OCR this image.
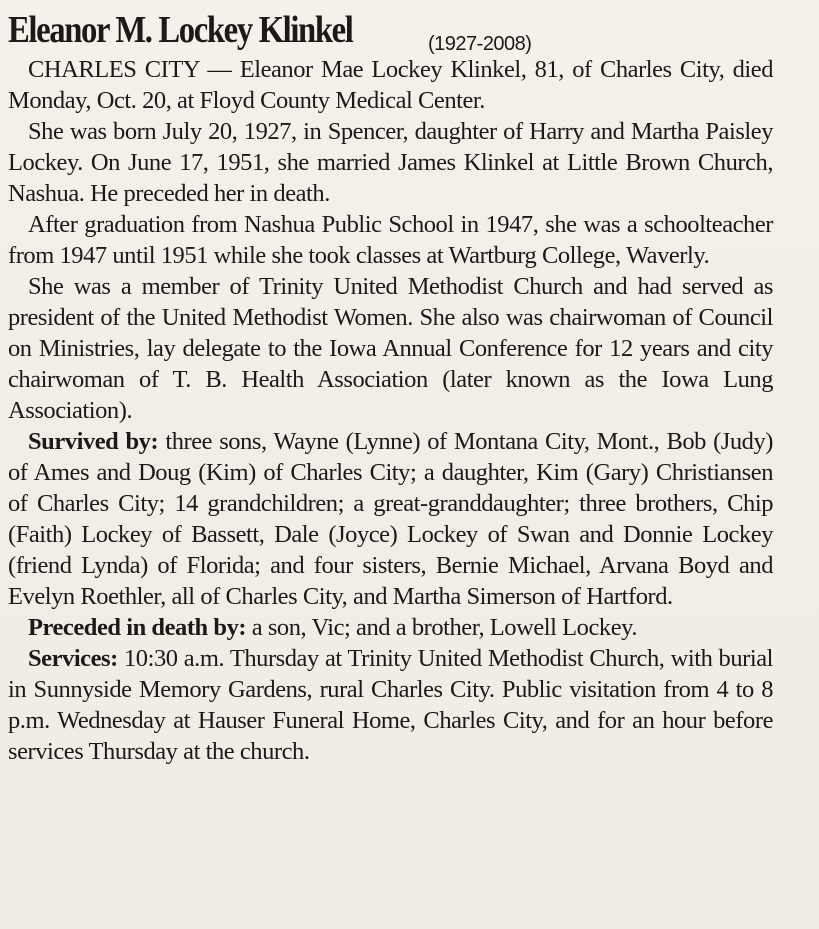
Eleanor M. Lockey Klinkel	(1927-2008)

CHARLES CITY — Eleanor Mae Lockey Klinkel, 81, of Charles City, died Monday, Oct. 20, at Floyd County Medical Center.

She was born July 20, 1927, in Spencer, daughter of Harry and Martha Paisley Lockey. On June 17, 1951, she married James Klinkel at Little Brown Church, Nashua. He preceded her in death.

After graduation from Nashua Public School in 1947, she was a schoolteacher from 1947 until 1951 while she took classes at Wartburg College, Waverly.

She was a member of Trinity United Methodist Church and had served as president of the United Methodist Women. She also was chairwoman of Council on Ministries, lay delegate to the Iowa Annual Conference for 12 years and city chairwoman of T. B. Health Association (later known as the Iowa Lung Association).

Survived by: three sons, Wayne (Lynne) of Montana City, Mont., Bob (Judy) of Ames and Doug (Kim) of Charles City; a daughter, Kim (Gary) Christiansen of Charles City; 14 grandchildren; a great-granddaughter; three brothers, Chip (Faith) Lockey of Bassett, Dale (Joyce) Lockey of Swan and Donnie Lockey (friend Lynda) of Florida; and four sisters, Bernie Michael, Arvana Boyd and Evelyn Roethler, all of Charles City, and Martha Simerson of Hartford.

Preceded in death by: a son, Vic; and a brother, Lowell Lockey.

Services: 10:30 a.m. Thursday at Trinity United Methodist Church, with burial in Sunnyside Memory Gardens, rural Charles City. Public visitation from 4 to 8 p.m. Wednesday at Hauser Funeral Home, Charles City, and for an hour before services Thursday at the church.
